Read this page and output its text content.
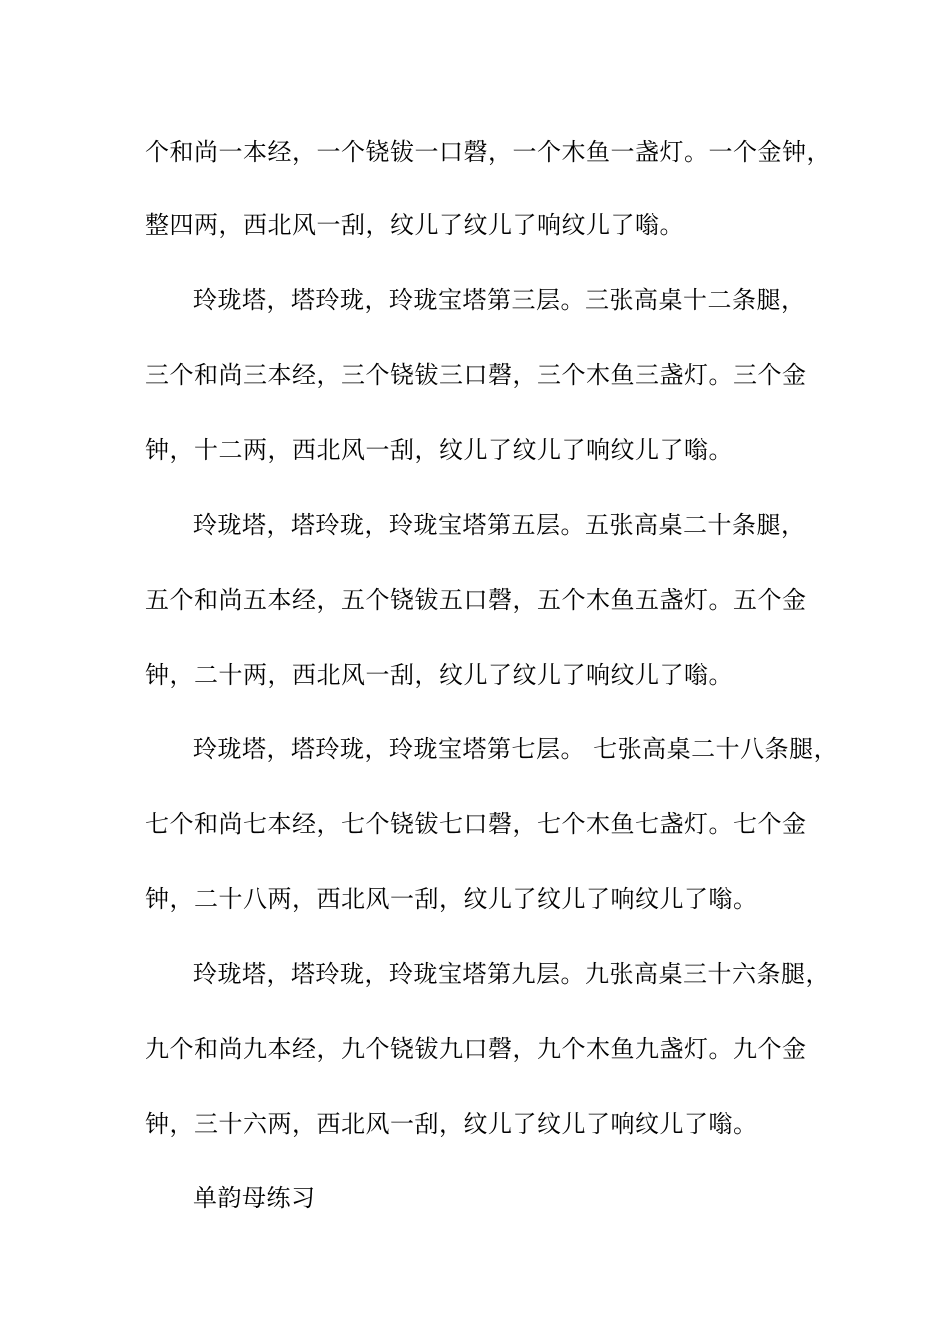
个和尚一本经，一个铙钹一口磬，一个木鱼一盏灯。一个金钟，
整四两，西北风一刮，纹儿了纹儿了响纹儿了嗡。
玲珑塔，塔玲珑，玲珑宝塔第三层。三张高桌十二条腿，
三个和尚三本经，三个铙钹三口磬，三个木鱼三盏灯。三个金
钟，十二两，西北风一刮，纹儿了纹儿了响纹儿了嗡。
玲珑塔，塔玲珑，玲珑宝塔第五层。五张高桌二十条腿，
五个和尚五本经，五个铙钹五口磬，五个木鱼五盏灯。五个金
钟，二十两，西北风一刮，纹儿了纹儿了响纹儿了嗡。
玲珑塔，塔玲珑，玲珑宝塔第七层。 七张高桌二十八条腿，
七个和尚七本经，七个铙钹七口磬，七个木鱼七盏灯。七个金
钟，二十八两，西北风一刮，纹儿了纹儿了响纹儿了嗡。
玲珑塔，塔玲珑，玲珑宝塔第九层。九张高桌三十六条腿，
九个和尚九本经，九个铙钹九口磬，九个木鱼九盏灯。九个金
钟，三十六两，西北风一刮，纹儿了纹儿了响纹儿了嗡。
单韵母练习
